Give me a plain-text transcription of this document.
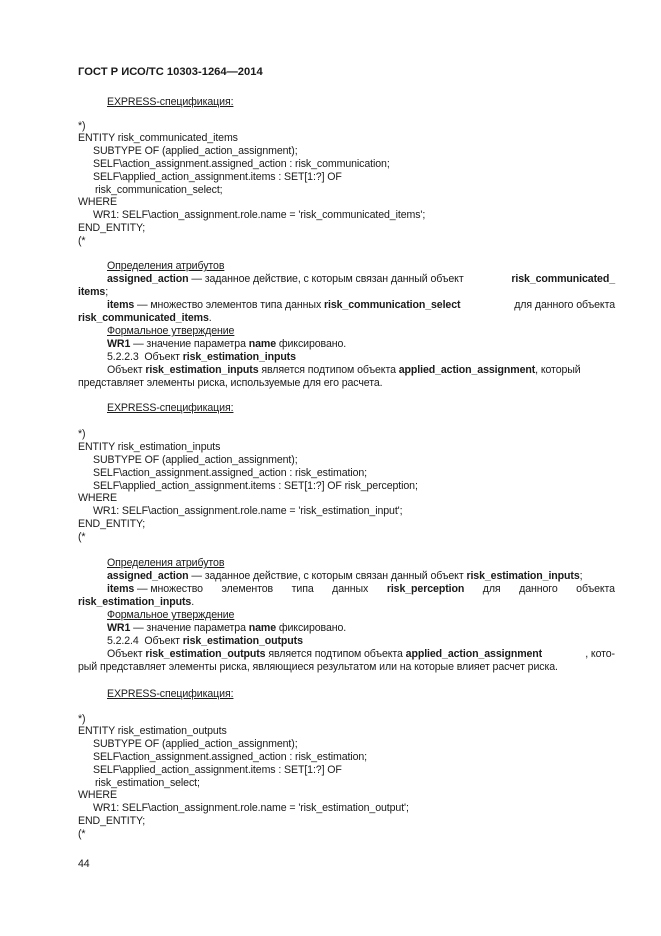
ГОСТ Р ИСО/ТС 10303-1264—2014
EXPRESS-спецификация:
*)
ENTITY risk_communicated_items
SUBTYPE OF (applied_action_assignment);
SELF\action_assignment.assigned_action : risk_communication;
SELF\applied_action_assignment.items : SET[1:?] OF
risk_communication_select;
WHERE
WR1: SELF\action_assignment.role.name = 'risk_communicated_items';
END_ENTITY;
(*
Определения атрибутов
assigned_action — заданное действие, с которым связан данный объект	risk_communicated_
items;
items — множество элементов типа данных risk_communication_select	для данного объекта
risk_communicated_items.
Формальное утверждение
WR1 — значение параметра name фиксировано.
5.2.2.3 Объект risk_estimation_inputs
Объект risk_estimation_inputs является подтипом объекта applied_action_assignment, который
представляет элементы риска, используемые для его расчета.
EXPRESS-спецификация:
*)
ENTITY risk_estimation_inputs
SUBTYPE OF (applied_action_assignment);
SELF\action_assignment.assigned_action : risk_estimation;
SELF\applied_action_assignment.items : SET[1:?] OF risk_perception;
WHERE
WR1: SELF\action_assignment.role.name = 'risk_estimation_input';
END_ENTITY;
(*
Определения атрибутов
assigned_action — заданное действие, с которым связан данный объект risk_estimation_inputs;
items — множество элементов типа данных risk_perception для данного объекта
risk_estimation_inputs.
Формальное утверждение
WR1 — значение параметра name фиксировано.
5.2.2.4 Объект risk_estimation_outputs
Объект risk_estimation_outputs является подтипом объекта applied_action_assignment	, кото-
рый представляет элементы риска, являющиеся результатом или на которые влияет расчет риска.
EXPRESS-спецификация:
*)
ENTITY risk_estimation_outputs
SUBTYPE OF (applied_action_assignment);
SELF\action_assignment.assigned_action : risk_estimation;
SELF\applied_action_assignment.items : SET[1:?] OF
risk_estimation_select;
WHERE
WR1: SELF\action_assignment.role.name = 'risk_estimation_output';
END_ENTITY;
(*
44
